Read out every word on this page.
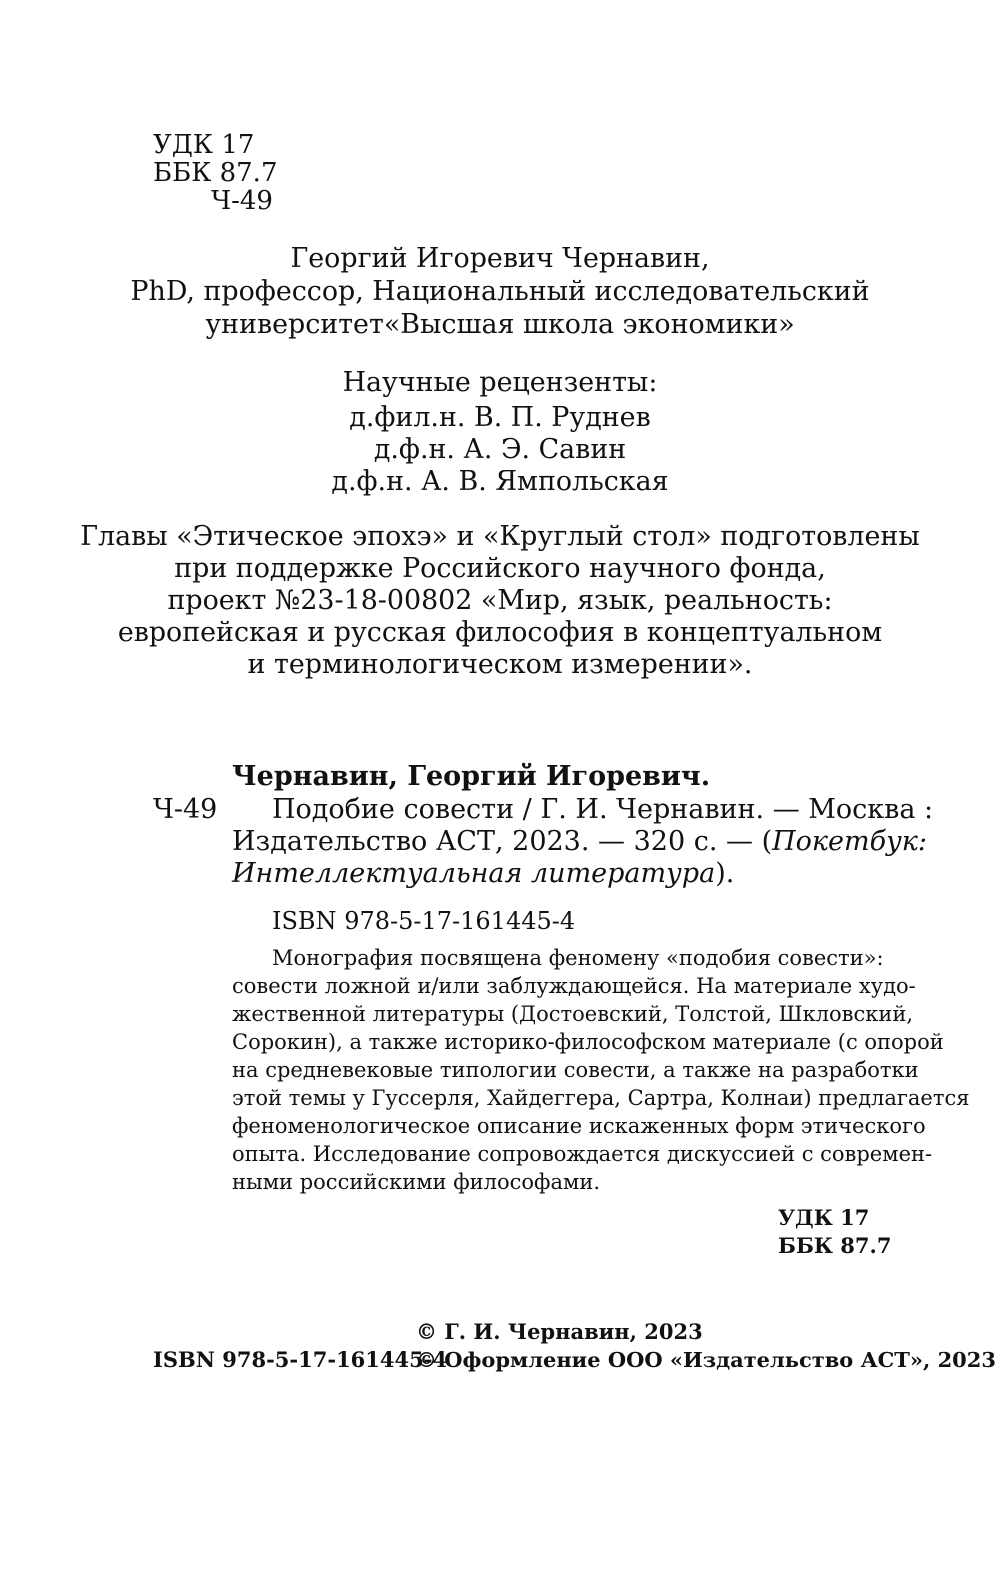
УДК 17
ББК 87.7
Ч-49
Георгий Игоревич Чернавин,
PhD, профессор, Национальный исследовательский
университет«Высшая школа экономики»
Научные рецензенты:
д.фил.н. В. П. Руднев
д.ф.н. А. Э. Савин
д.ф.н. А. В. Ямпольская
Главы «Этическое эпохэ» и «Круглый стол» подготовлены
при поддержке Российского научного фонда,
проект №23-18-00802 «Мир, язык, реальность:
европейская и русская философия в концептуальном
и терминологическом измерении».
Чернавин, Георгий Игоревич.
Ч-49 Подобие совести / Г. И. Чернавин. — Москва :
Издательство АСТ, 2023. — 320 с. — (Покетбук:
Интеллектуальная литература).
ISBN 978-5-17-161445-4
Монография посвящена феномену «подобия совести»:
совести ложной и/или заблуждающейся. На материале худо-
жественной литературы (Достоевский, Толстой, Шкловский,
Сорокин), а также историко-философском материале (с опорой
на средневековые типологии совести, а также на разработки
этой темы у Гуссерля, Хайдеггера, Сартра, Колнаи) предлагается
феноменологическое описание искаженных форм этического
опыта. Исследование сопровождается дискуссией с современ-
ными российскими философами.
УДК 17
ББК 87.7
© Г. И. Чернавин, 2023
ISBN 978-5-17-161445-4
© Оформление ООО «Издательство АСТ», 2023
